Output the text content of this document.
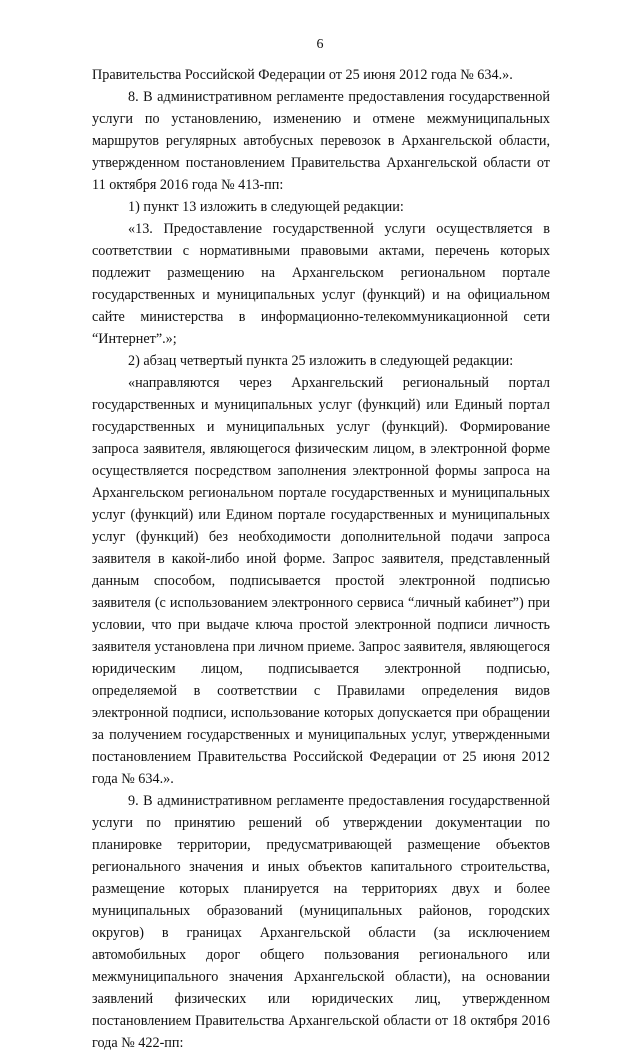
6

Правительства Российской Федерации от 25 июня 2012 года № 634.».

8. В административном регламенте предоставления государственной услуги по установлению, изменению и отмене межмуниципальных маршрутов регулярных автобусных перевозок в Архангельской области, утвержденном постановлением Правительства Архангельской области от 11 октября 2016 года № 413-пп:

1) пункт 13 изложить в следующей редакции:

«13. Предоставление государственной услуги осуществляется в соответствии с нормативными правовыми актами, перечень которых подлежит размещению на Архангельском региональном портале государственных и муниципальных услуг (функций) и на официальном сайте министерства в информационно-телекоммуникационной сети “Интернет”.»;

2) абзац четвертый пункта 25 изложить в следующей редакции:

«направляются через Архангельский региональный портал государственных и муниципальных услуг (функций) или Единый портал государственных и муниципальных услуг (функций). Формирование запроса заявителя, являющегося физическим лицом, в электронной форме осуществляется посредством заполнения электронной формы запроса на Архангельском региональном портале государственных и муниципальных услуг (функций) или Едином портале государственных и муниципальных услуг (функций) без необходимости дополнительной подачи запроса заявителя в какой-либо иной форме. Запрос заявителя, представленный данным способом, подписывается простой электронной подписью заявителя (с использованием электронного сервиса “личный кабинет”) при условии, что при выдаче ключа простой электронной подписи личность заявителя установлена при личном приеме. Запрос заявителя, являющегося юридическим лицом, подписывается электронной подписью, определяемой в соответствии с Правилами определения видов электронной подписи, использование которых допускается при обращении за получением государственных и муниципальных услуг, утвержденными постановлением Правительства Российской Федерации от 25 июня 2012 года № 634.».

9. В административном регламенте предоставления государственной услуги по принятию решений об утверждении документации по планировке территории, предусматривающей размещение объектов регионального значения и иных объектов капитального строительства, размещение которых планируется на территориях двух и более муниципальных образований (муниципальных районов, городских округов) в границах Архангельской области (за исключением автомобильных дорог общего пользования регионального или межмуниципального значения Архангельской области), на основании заявлений физических или юридических лиц, утвержденном постановлением Правительства Архангельской области от 18 октября 2016 года № 422-пп:
